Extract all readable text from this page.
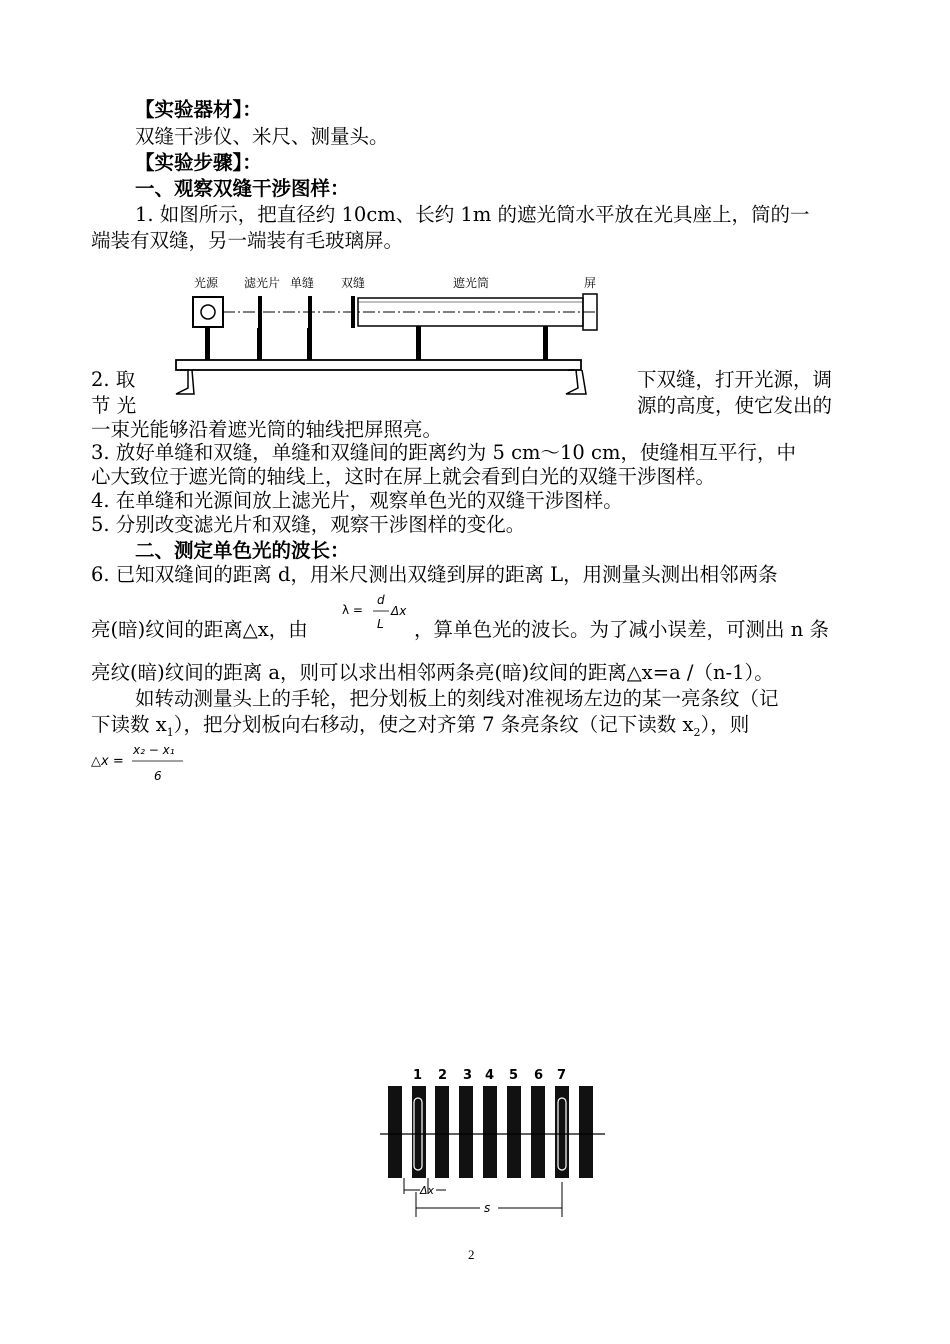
【实验器材】：
双缝干涉仪、米尺、测量头。
【实验步骤】：
一、观察双缝干涉图样：
1. 如图所示，把直径约 10cm、长约 1m 的遮光筒水平放在光具座上，筒的一
端装有双缝，另一端装有毛玻璃屏。
光源 滤光片 单缝 双缝	遮光筒	屏
2. 取	下双缝，打开光源，调
节 光	源的高度，使它发出的
一束光能够沿着遮光筒的轴线把屏照亮。
3. 放好单缝和双缝，单缝和双缝间的距离约为 5 cm～10 cm，使缝相互平行，中
心大致位于遮光筒的轴线上，这时在屏上就会看到白光的双缝干涉图样。
4. 在单缝和光源间放上滤光片，观察单色光的双缝干涉图样。
5. 分别改变滤光片和双缝，观察干涉图样的变化。
二、测定单色光的波长：
6. 已知双缝间的距离 d，用米尺测出双缝到屏的距离 L，用测量头测出相邻两条
亮(暗)纹间的距离△x，由
λ =
d
L
Δx
，算单色光的波长。为了减小误差，可测出 n 条
亮纹(暗)纹间的距离 a，则可以求出相邻两条亮(暗)纹间的距离△x=a /（n-1）。
如转动测量头上的手轮，把分划板上的刻线对准视场左边的某一亮条纹（记
下读数 $x_1$），把分划板向右移动，使之对齐第 7 条亮条纹（记下读数 $x_2$），则
△x =
x₂ − x₁
6
1 2 3 4 5 6 7
Δx
s
2
